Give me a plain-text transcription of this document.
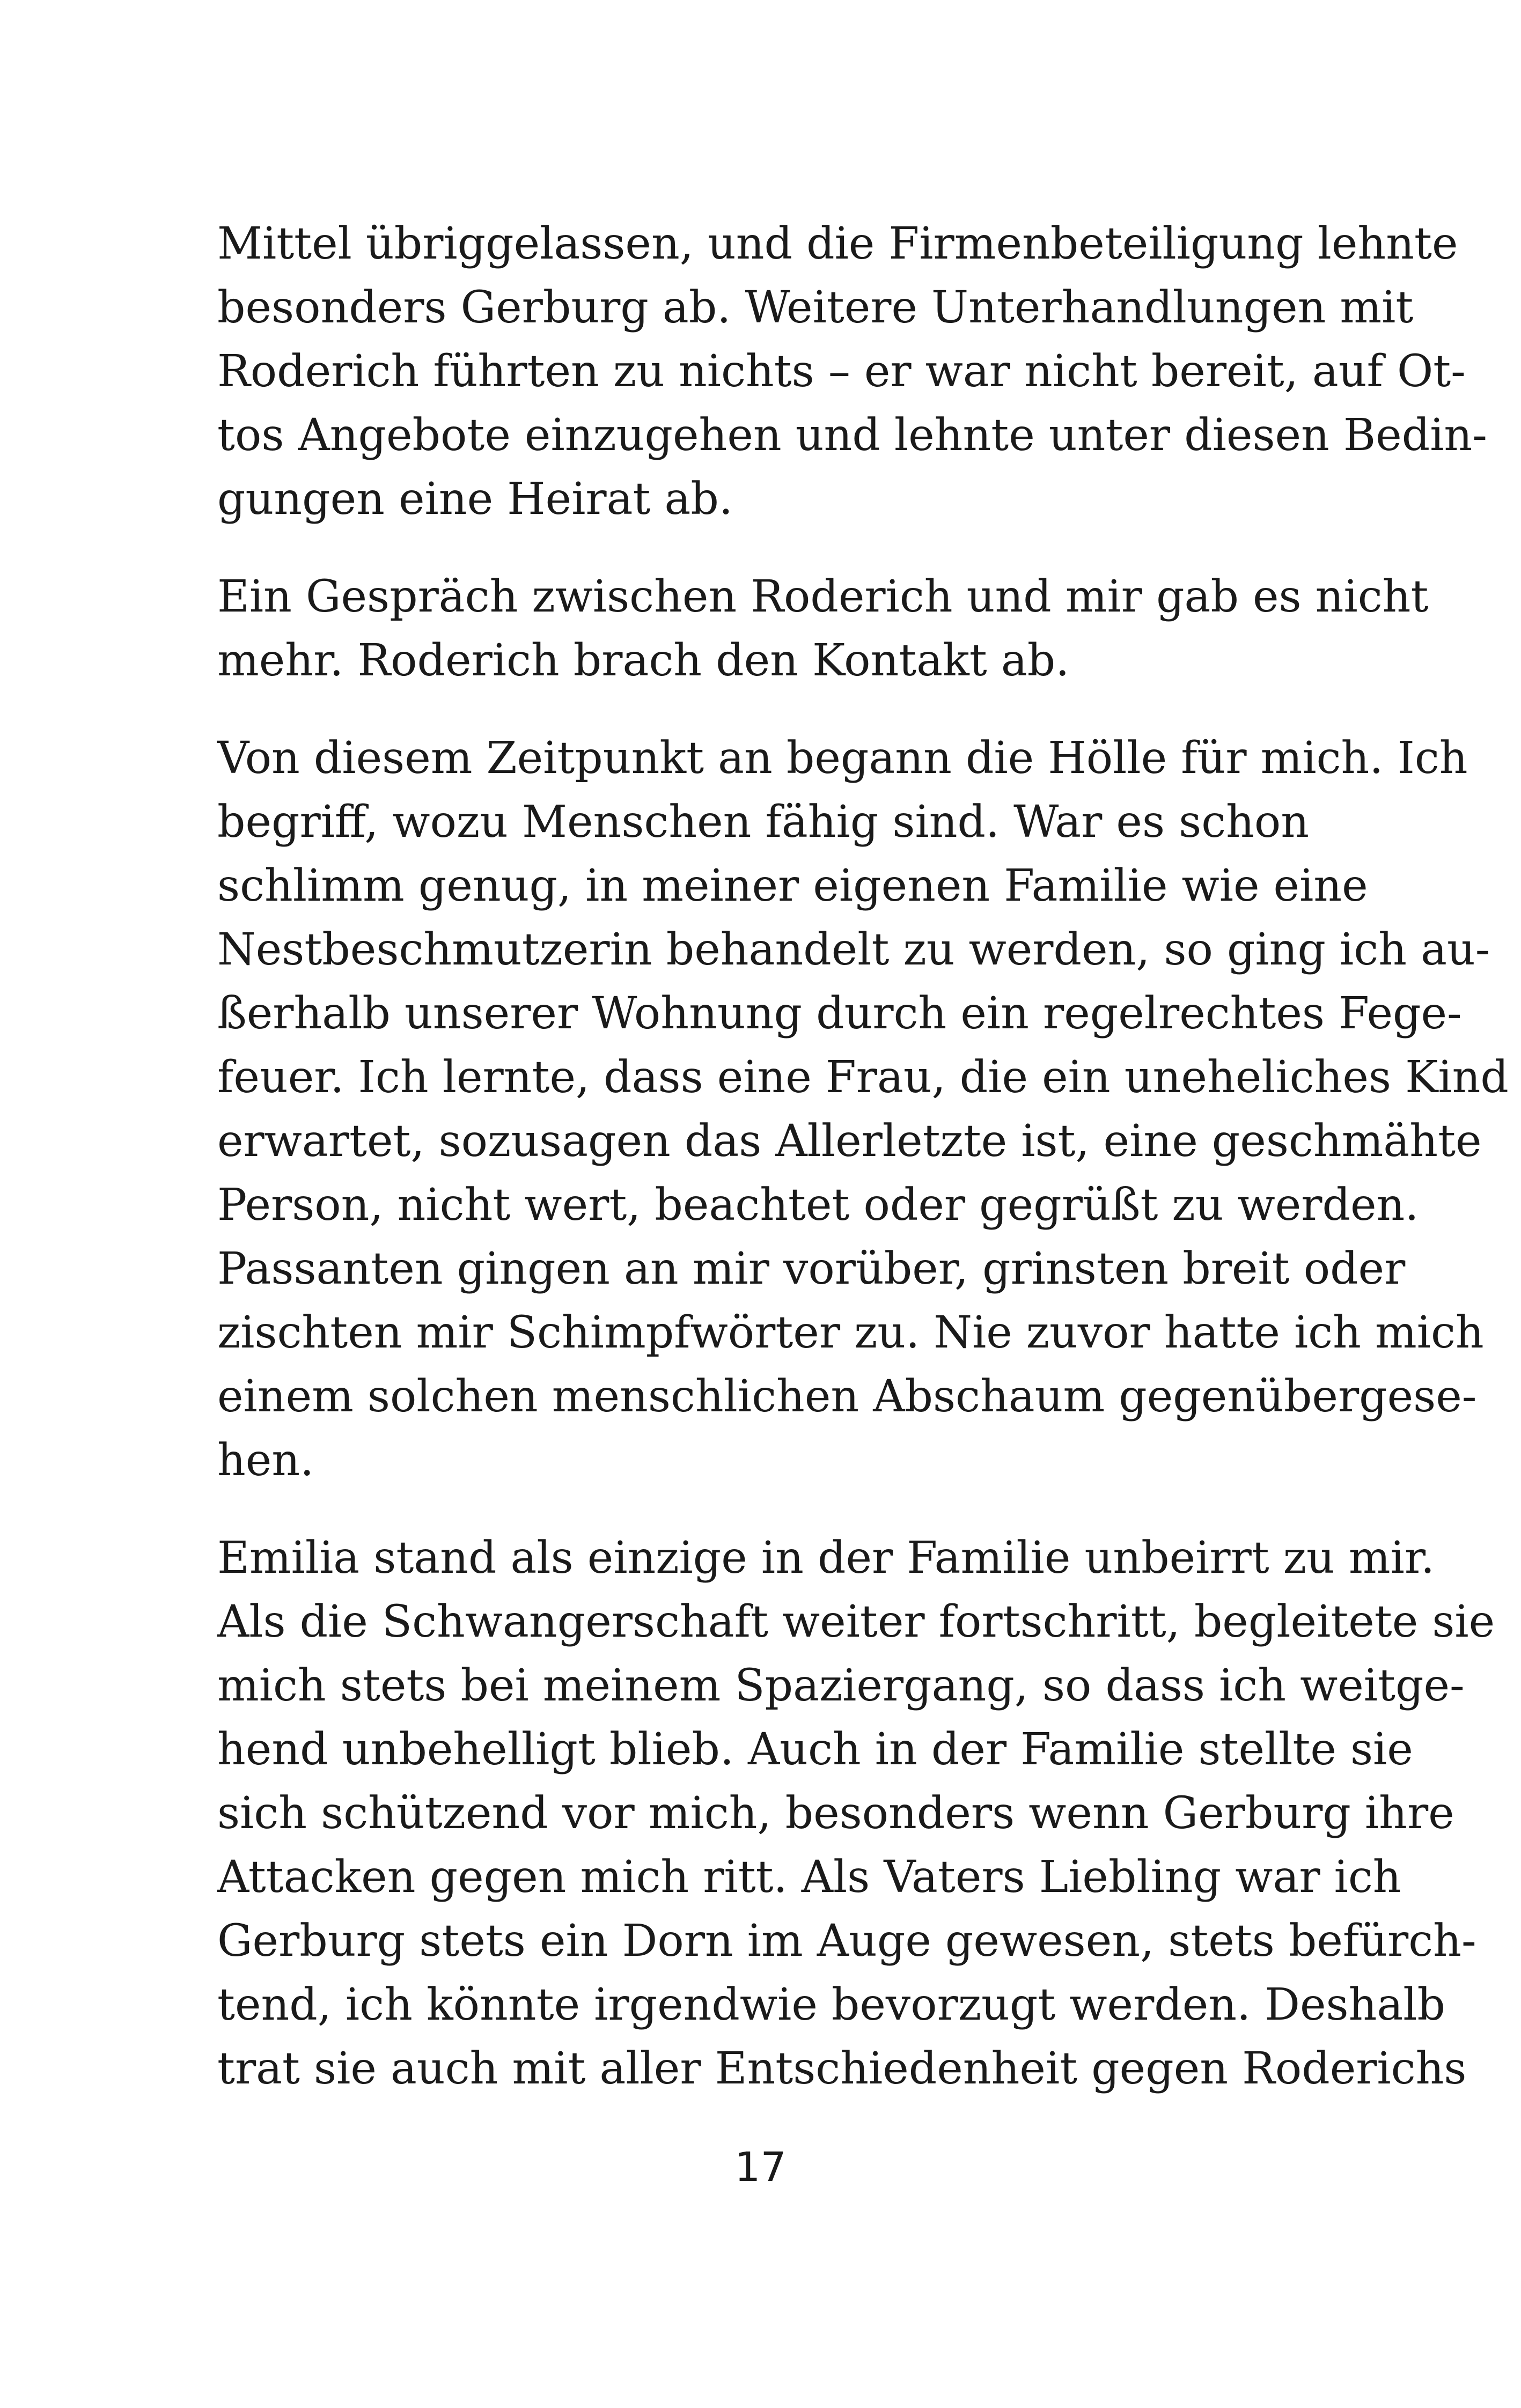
Mittel übriggelassen, und die Firmenbeteiligung lehnte
besonders Gerburg ab. Weitere Unterhandlungen mit
Roderich führten zu nichts – er war nicht bereit, auf Ot-
tos Angebote einzugehen und lehnte unter diesen Bedin-
gungen eine Heirat ab.

Ein Gespräch zwischen Roderich und mir gab es nicht
mehr. Roderich brach den Kontakt ab.

Von diesem Zeitpunkt an begann die Hölle für mich. Ich
begriff, wozu Menschen fähig sind. War es schon
schlimm genug, in meiner eigenen Familie wie eine
Nestbeschmutzerin behandelt zu werden, so ging ich au-
ßerhalb unserer Wohnung durch ein regelrechtes Fege-
feuer. Ich lernte, dass eine Frau, die ein uneheliches Kind
erwartet, sozusagen das Allerletzte ist, eine geschmähte
Person, nicht wert, beachtet oder gegrüßt zu werden.
Passanten gingen an mir vorüber, grinsten breit oder
zischten mir Schimpfwörter zu. Nie zuvor hatte ich mich
einem solchen menschlichen Abschaum gegenübergese-
hen.

Emilia stand als einzige in der Familie unbeirrt zu mir.
Als die Schwangerschaft weiter fortschritt, begleitete sie
mich stets bei meinem Spaziergang, so dass ich weitge-
hend unbehelligt blieb. Auch in der Familie stellte sie
sich schützend vor mich, besonders wenn Gerburg ihre
Attacken gegen mich ritt. Als Vaters Liebling war ich
Gerburg stets ein Dorn im Auge gewesen, stets befürch-
tend, ich könnte irgendwie bevorzugt werden. Deshalb
trat sie auch mit aller Entschiedenheit gegen Roderichs

17
